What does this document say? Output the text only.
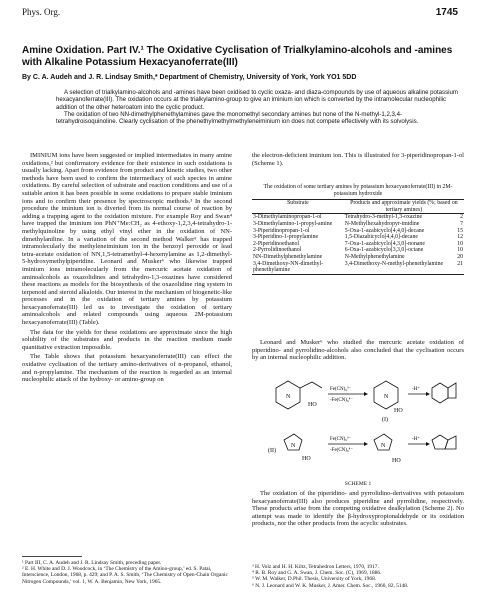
Phys. Org.	1745
Amine Oxidation. Part IV.¹ The Oxidative Cyclisation of Trialkylamino-alcohols and -amines with Alkaline Potassium Hexacyanoferrate(III)
By C. A. Audeh and J. R. Lindsay Smith,* Department of Chemistry, University of York, York YO1 5DD

A selection of trialkylamino-alcohols and -amines have been oxidised to cyclic oxaza- and diaza-compounds by use of aqueous alkaline potassium hexacyanoferrate(III). The oxidation occurs at the trialkylamino-group to give an iminium ion which is converted by the intramolecular nucleophilic addition of the other heteroatom into the cyclic product.

The oxidation of two NN-dimethylphenethylamines gave the monomethyl secondary amines but none of the N-methyl-1,2,3,4-tetrahydroisoquinoline. Clearly cyclisation of the phenethylmethylmethyleneiminium ion does not compete effectively with its solvolysis.

IMINIUM ions have been suggested or implied intermediates in many amine oxidations,² but confirmatory evidence for their existence in such oxidations is usually lacking. Apart from evidence from product and kinetic studies, two other methods have been used to confirm the intermediacy of such species in amine oxidations. By careful selection of substrate and reaction conditions and use of a suitable anion it has been possible in some oxidations to prepare stable iminium ions and to confirm their presence by spectroscopic methods.³ In the second procedure the iminium ion is diverted from its normal course of reaction by adding a trapping agent to the oxidation mixture. For example Roy and Swan⁴ have trapped the iminium ion PhN⁺Me:CH₂ as 4-ethoxy-1,2,3,4-tetrahydro-1-methylquinoline by using ethyl vinyl ether in the oxidation of NN-dimethylaniline. In a variation of the second method Walker⁵ has trapped intramolecularly the methyleneiminium ion in the benzoyl peroxide or lead tetra-acetate oxidation of NN,1,5-tetramethyl-4-hexenylamine as 1,2-dimethyl-5-hydroxymethylpiperidine. Leonard and Musker⁶ who likewise trapped iminium ions intramolecularly from the mercuric acetate oxidation of aminoalcohols as oxazolidines and tetrahydro-1,3-oxazines have considered these reactions as models for the biosynthesis of the oxazolidine ring system in terpenoid and steroid alkaloids. Our interest in the mechanism of biogenetic-like processes and in the oxidation of tertiary amines by potassium hexacyanoferrate(III) led us to investigate the oxidation of tertiary aminoalcohols and related compounds using aqueous 2M-potassium hexacyanoferrate(III) (Table).

The data for the yields for these oxidations are approximate since the high solubility of the substrates and products in the reaction medium made quantitative extraction impossible.

The Table shows that potassium hexacyanoferrate(III) can effect the oxidative cyclisation of the tertiary amino-derivatives of n-propanol, ethanol, and n-propylamine. The mechanism of the reaction is regarded as an internal nucleophilic attack of the hydroxy- or amino-group on

¹ Part III, C. A. Audeh and J. R. Lindsay Smith, preceding paper.
² E. H. White and D. J. Woodcock, in ‘The Chemistry of the Amino-group,’ ed. S. Patai, Interscience, London, 1968, p. 429; and P. A. S. Smith, ‘The Chemistry of Open-Chain Organic Nitrogen Compounds,’ vol. 1, W. A. Benjamin, New York, 1965.

the electron-deficient iminium ion. This is illustrated for 3-piperidinopropan-1-ol (Scheme 1).

The oxidation of some tertiary amines by potassium hexacyanoferrate(III) in 2M-potassium hydroxide
Substrate	Products and approximate yields (%; based on tertiary amines)	
3-Dimethylaminopropan-1-ol	Tetrahydro-3-methyl-1,3-oxazine	2
3-Dimethylamino-1-propyl-amine	N-Methylhexahydropyr-imidine	7
3-Piperidinopropan-1-ol	5-Oxa-1-azabicyclo[4,4,0]-decane	15
3-Piperidino-1-propylamine	1,5-Diazabicyclo[4,4,0]-decane	12
2-Piperidinoethanol	7-Oxa-1-azabicyclo[4,3,0]-nonane	10
2-Pyrrolidinoethanol	6-Oxa-1-azabicyclo[3,3,0]-octane	10
NN-Dimethylphenethylamine	N-Methylphenethylamine	20
3,4-Dimethoxy-NN-dimethyl-phenethylamine	3,4-Dimethoxy-N-methyl-phenethylamine	21

Leonard and Musker⁶ who studied the mercuric acetate oxidation of piperidino- and pyrrolidino-alcohols also concluded that the cyclisation occurs by an internal nucleophilic addition.

N
HO
Fe(CN)₆³⁻
-Fe(CN)₆⁴⁻
N
HO
(I)
-H⁺
(II)
N
HO
Fe(CN)₆³⁻
-Fe(CN)₆⁴⁻
N
HO
-H⁺
SCHEME 1

The oxidation of the piperidino- and pyrrolidino-derivatives with potassium hexacyanoferrate(III) also produces piperidine and pyrrolidine, respectively. These products arise from the competing oxidative dealkylation (Scheme 2). No attempt was made to identify the β-hydroxypropionaldehyde or its oxidation products, nor the other products from the acyclic substrates.

³ H. Volz and H. H. Kiltz, Tetrahedron Letters, 1970, 1917.
⁴ R. B. Roy and G. A. Swan, J. Chem. Soc. (C), 1969, 1886.
⁵ W. M. Walker, D.Phil. Thesis, University of York, 1968.
⁶ N. J. Leonard and W. K. Musker, J. Amer. Chem. Soc., 1960, 82, 5148.
